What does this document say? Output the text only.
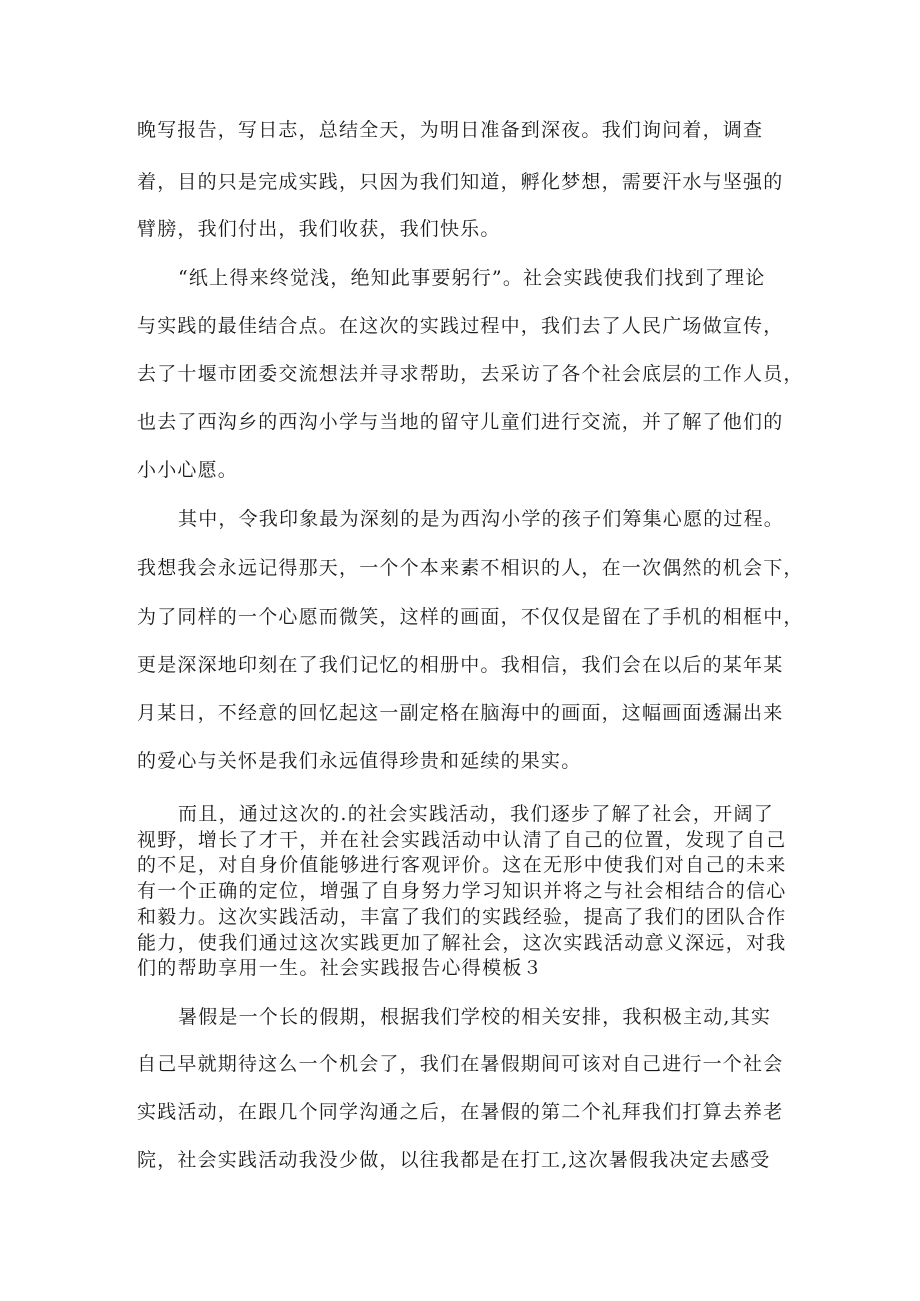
晚写报告，写日志，总结全天，为明日准备到深夜。我们询问着，调查
着，目的只是完成实践，只因为我们知道，孵化梦想，需要汗水与坚强的
臂膀，我们付出，我们收获，我们快乐。
“纸上得来终觉浅，绝知此事要躬行”。社会实践使我们找到了理论
与实践的最佳结合点。在这次的实践过程中，我们去了人民广场做宣传，
去了十堰市团委交流想法并寻求帮助，去采访了各个社会底层的工作人员，
也去了西沟乡的西沟小学与当地的留守儿童们进行交流，并了解了他们的
小小心愿。
其中，令我印象最为深刻的是为西沟小学的孩子们筹集心愿的过程。
我想我会永远记得那天，一个个本来素不相识的人，在一次偶然的机会下，
为了同样的一个心愿而微笑，这样的画面，不仅仅是留在了手机的相框中，
更是深深地印刻在了我们记忆的相册中。我相信，我们会在以后的某年某
月某日，不经意的回忆起这一副定格在脑海中的画面，这幅画面透漏出来
的爱心与关怀是我们永远值得珍贵和延续的果实。
而且，通过这次的.的社会实践活动，我们逐步了解了社会，开阔了
视野，增长了才干，并在社会实践活动中认清了自己的位置，发现了自己
的不足，对自身价值能够进行客观评价。这在无形中使我们对自己的未来
有一个正确的定位，增强了自身努力学习知识并将之与社会相结合的信心
和毅力。这次实践活动，丰富了我们的实践经验，提高了我们的团队合作
能力，使我们通过这次实践更加了解社会，这次实践活动意义深远，对我
们的帮助享用一生。社会实践报告心得模板３
暑假是一个长的假期，根据我们学校的相关安排，我积极主动,其实
自己早就期待这么一个机会了，我们在暑假期间可该对自己进行一个社会
实践活动，在跟几个同学沟通之后，在暑假的第二个礼拜我们打算去养老
院，社会实践活动我没少做，以往我都是在打工,这次暑假我决定去感受
